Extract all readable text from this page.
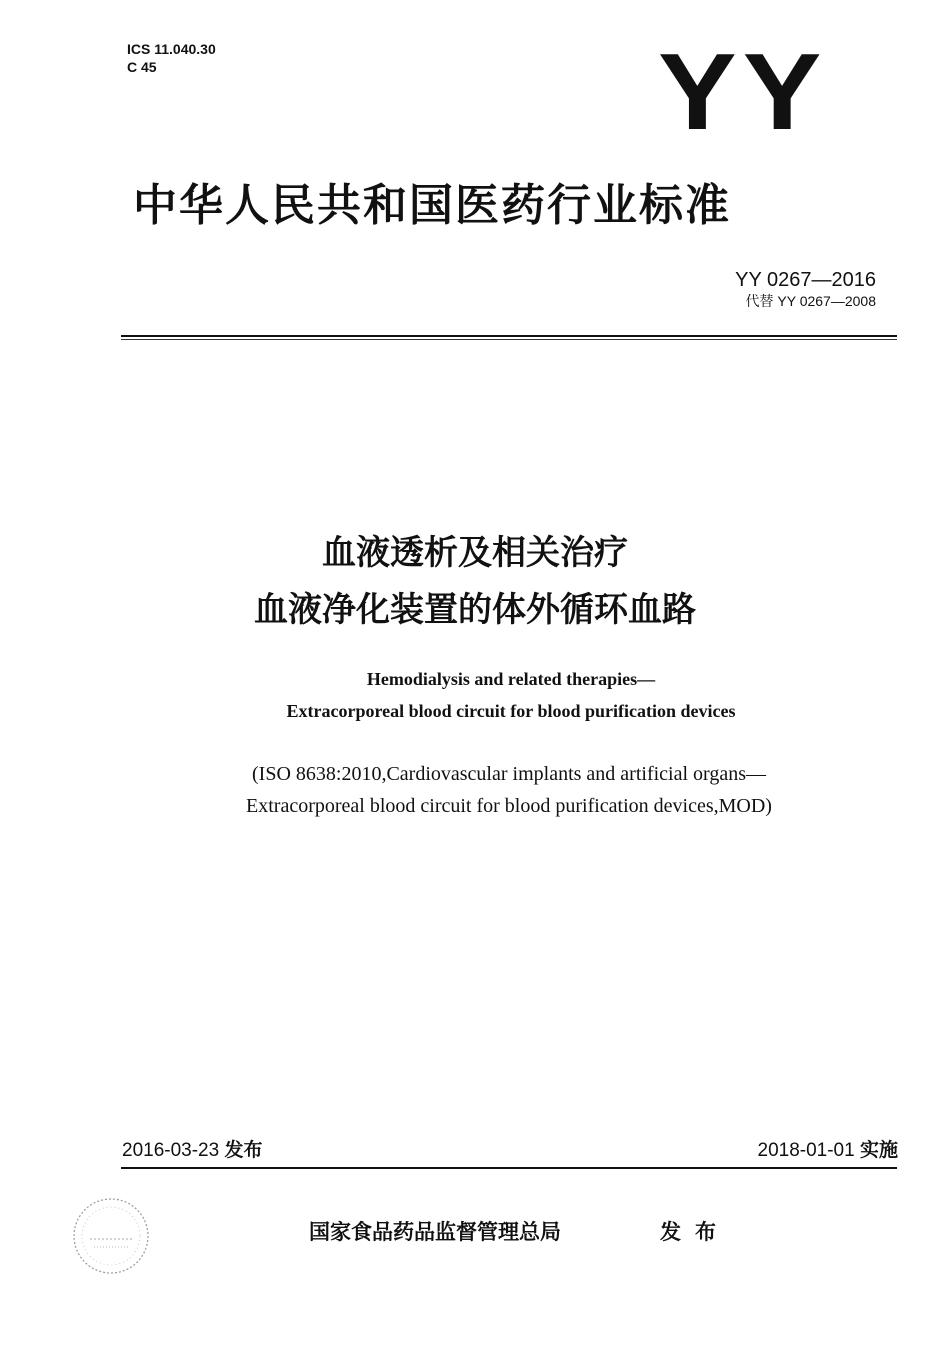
ICS 11.040.30
C 45	YY
中华人民共和国医药行业标准
YY 0267—2016
代替 YY 0267—2008
血液透析及相关治疗
血液净化装置的体外循环血路
Hemodialysis and related therapies—
Extracorporeal blood circuit for blood purification devices
(ISO 8638:2010,Cardiovascular implants and artificial organs—
Extracorporeal blood circuit for blood purification devices,MOD)
2016-03-23 发布	2018-01-01 实施
国家食品药品监督管理总局	发布
